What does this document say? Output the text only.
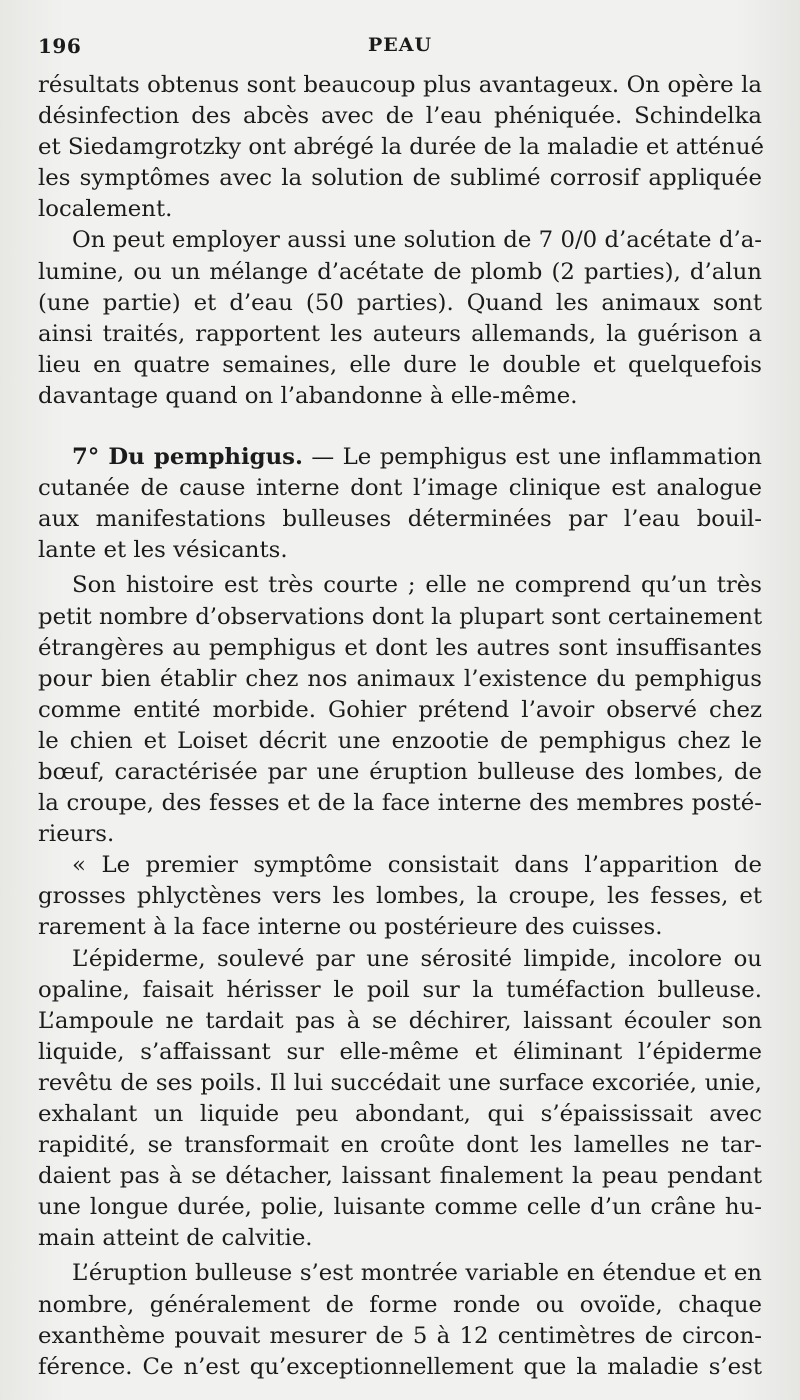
196	PEAU
résultats obtenus sont beaucoup plus avantageux. On opère la
désinfection des abcès avec de l’eau phéniquée. Schindelka
et Siedamgrotzky ont abrégé la durée de la maladie et atténué
les symptômes avec la solution de sublimé corrosif appliquée
localement.
On peut employer aussi une solution de 7 0/0 d’acétate d’a-
lumine, ou un mélange d’acétate de plomb (2 parties), d’alun
(une partie) et d’eau (50 parties). Quand les animaux sont
ainsi traités, rapportent les auteurs allemands, la guérison a
lieu en quatre semaines, elle dure le double et quelquefois
davantage quand on l’abandonne à elle-même.
7° Du pemphigus. — Le pemphigus est une inflammation
cutanée de cause interne dont l’image clinique est analogue
aux manifestations bulleuses déterminées par l’eau bouil-
lante et les vésicants.
Son histoire est très courte ; elle ne comprend qu’un très
petit nombre d’observations dont la plupart sont certainement
étrangères au pemphigus et dont les autres sont insuffisantes
pour bien établir chez nos animaux l’existence du pemphigus
comme entité morbide. Gohier prétend l’avoir observé chez
le chien et Loiset décrit une enzootie de pemphigus chez le
bœuf, caractérisée par une éruption bulleuse des lombes, de
la croupe, des fesses et de la face interne des membres posté-
rieurs.
« Le premier symptôme consistait dans l’apparition de
grosses phlyctènes vers les lombes, la croupe, les fesses, et
rarement à la face interne ou postérieure des cuisses.
L’épiderme, soulevé par une sérosité limpide, incolore ou
opaline, faisait hérisser le poil sur la tuméfaction bulleuse.
L’ampoule ne tardait pas à se déchirer, laissant écouler son
liquide, s’affaissant sur elle-même et éliminant l’épiderme
revêtu de ses poils. Il lui succédait une surface excoriée, unie,
exhalant un liquide peu abondant, qui s’épaississait avec
rapidité, se transformait en croûte dont les lamelles ne tar-
daient pas à se détacher, laissant finalement la peau pendant
une longue durée, polie, luisante comme celle d’un crâne hu-
main atteint de calvitie.
L’éruption bulleuse s’est montrée variable en étendue et en
nombre, généralement de forme ronde ou ovoïde, chaque
exanthème pouvait mesurer de 5 à 12 centimètres de circon-
férence. Ce n’est qu’exceptionnellement que la maladie s’est
